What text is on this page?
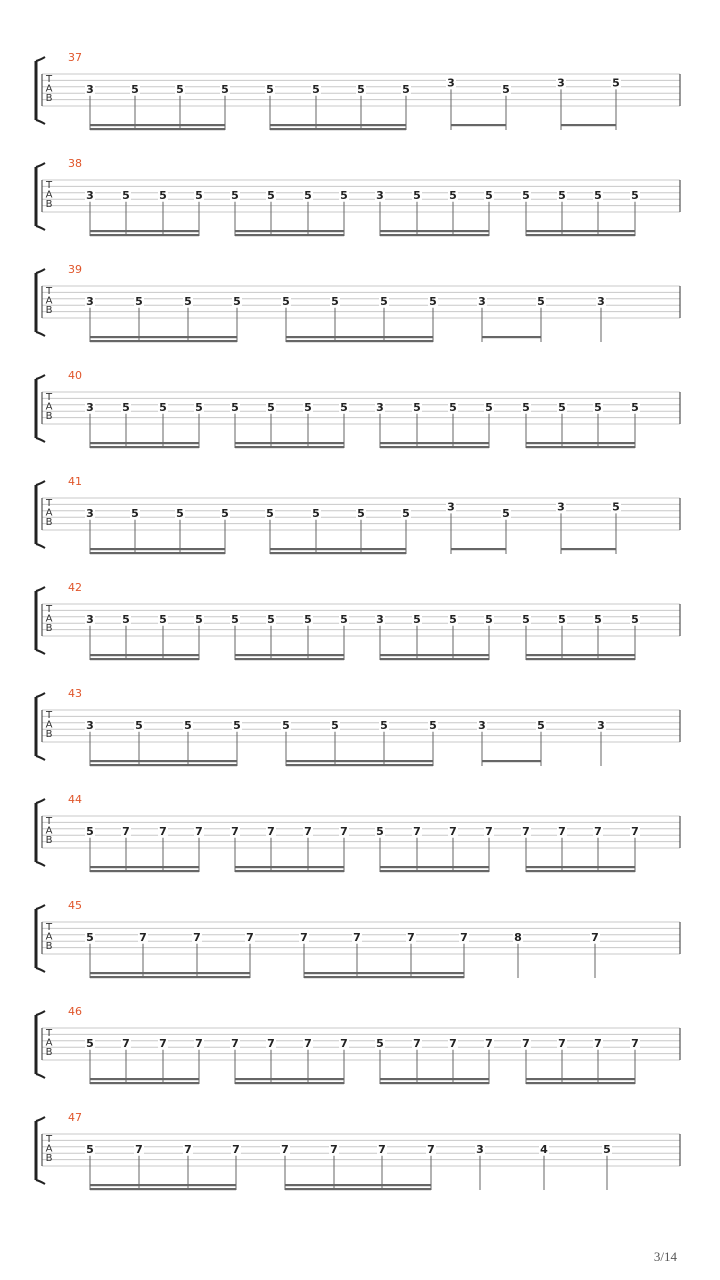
37
T
A
B
3	5	5	5	5	5	5	5	3	5	3	5
38
T
A
B
3	5	5	5	5	5	5	5	3	5	5	5	5	5	5	5
39
T
A
B
3	5	5	5	5	5	5	5	3	5	3
40
T
A
B
3	5	5	5	5	5	5	5	3	5	5	5	5	5	5	5
41
T
A
B
3	5	5	5	5	5	5	5	3	5	3	5
42
T
A
B
3	5	5	5	5	5	5	5	3	5	5	5	5	5	5	5
43
T
A
B
3	5	5	5	5	5	5	5	3	5	3
44
T
A
B
5	7	7	7	7	7	7	7	5	7	7	7	7	7	7	7
45
T
A
B
5	7	7	7	7	7	7	7	8	7
46
T
A
B
5	7	7	7	7	7	7	7	5	7	7	7	7	7	7	7
47
T
A
B
5	7	7	7	7	7	7	7	3	4	5
3/14
